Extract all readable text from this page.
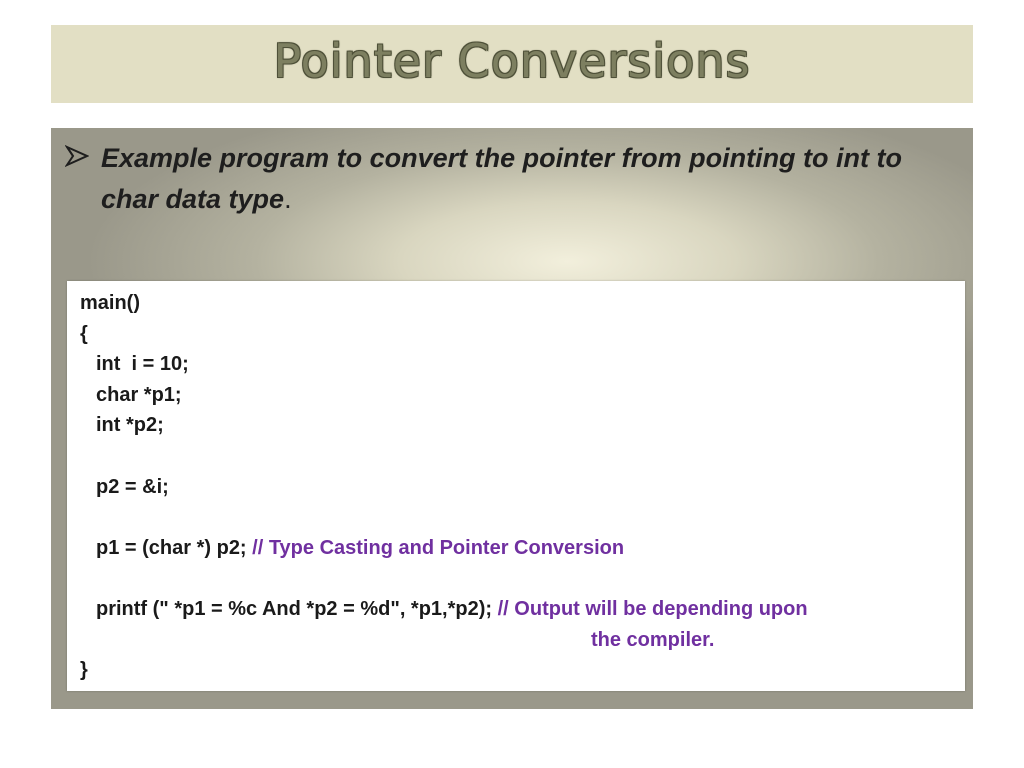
Pointer Conversions
Example program to convert the pointer from pointing to int to char data type.
main()
{
int  i = 10;
char *p1;
int *p2;
p2 = &i;
p1 = (char *) p2; // Type Casting and Pointer Conversion
printf (" *p1 = %c And *p2 = %d", *p1,*p2); // Output will be depending upon
the compiler.
}
